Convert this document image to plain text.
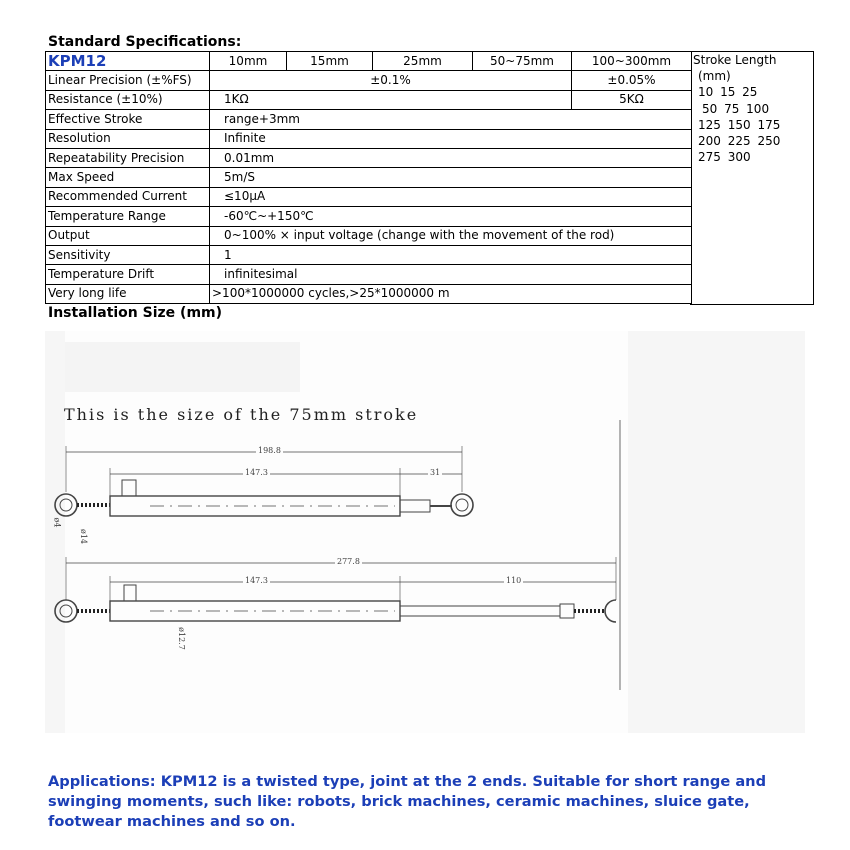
Standard Specifications:
KPM12	10mm	15mm	25mm	50~75mm	100~300mm
Linear Precision (±%FS)	±0.1%				±0.05%
Resistance (±10%)	1KΩ				5KΩ
Effective Stroke	range+3mm				
Resolution	Infinite				
Repeatability Precision	0.01mm				
Max Speed	5m/S				
Recommended Current	≤10μA				
Temperature Range	-60℃~+150℃				
Output	0~100% × input voltage (change with the movement of the rod)				
Sensitivity	1				
Temperature Drift	infinitesimal				
Very long life	>100*1000000 cycles,>25*1000000 m				
Stroke Length
(mm)
10 15 25
50 75 100
125 150 175
200 225 250
275 300
Installation Size (mm)
198.8
147.3	31
ø4
ø14
277.8
147.3	110
ø12.7
This is the size of the 75mm stroke
Applications: KPM12 is a twisted type, joint at the 2 ends. Suitable for short range and swinging moments, such like: robots, brick machines, ceramic machines, sluice gate, footwear machines and so on.
